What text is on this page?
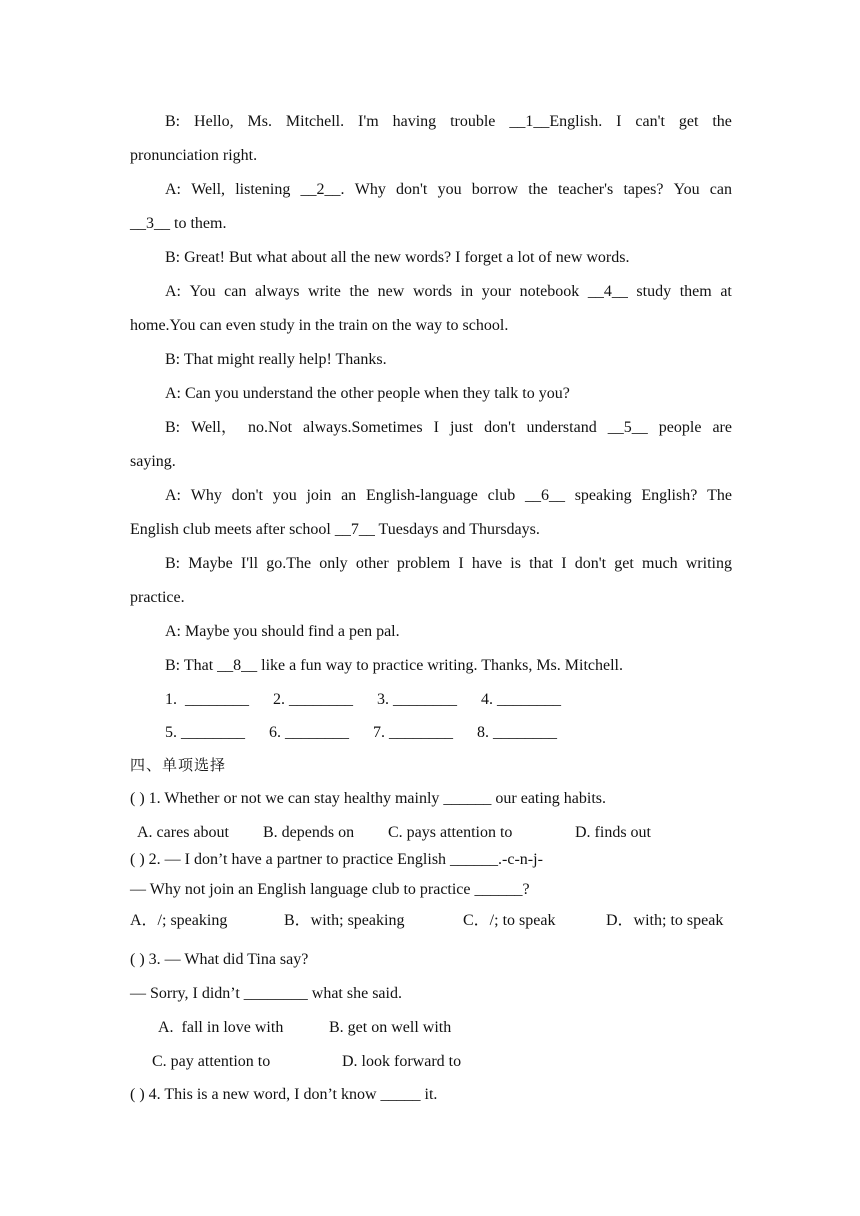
B: Hello, Ms. Mitchell. I'm having trouble __1__English. I can't get the
pronunciation right.
A: Well, listening __2__. Why don't you borrow the teacher's tapes? You can
__3__ to them.
B: Great! But what about all the new words? I forget a lot of new words.
A: You can always write the new words in your notebook __4__ study them at
home.You can even study in the train on the way to school.
B: That might really help! Thanks.
A: Can you understand the other people when they talk to you?
B: Well， no.Not always.Sometimes I just don't understand __5__ people are
saying.
A: Why don't you join an English-language club __6__ speaking English? The
English club meets after school __7__ Tuesdays and Thursdays.
B: Maybe I'll go.The only other problem I have is that I don't get much writing
practice.
A: Maybe you should find a pen pal.
B: That __8__ like a fun way to practice writing. Thanks, Ms. Mitchell.
1.  ________ 2. ________ 3. ________ 4. ________
5. ________ 6. ________ 7. ________ 8. ________
四、单项选择
( ) 1. Whether or not we can stay healthy mainly ______ our eating habits.
A. cares about B. depends on C. pays attention to	D. finds out
( ) 2. — I don’t have a partner to practice English ______.-c-n-j-
— Why not join an English language club to practice ______?
A．/; speaking	B．with; speaking	C．/; to speak	D．with; to speak
( ) 3. — What did Tina say?
— Sorry, I didn’t ________ what she said.
A.  fall in love with	B. get on well with
C. pay attention to	D. look forward to
( ) 4. This is a new word, I don’t know _____ it.
